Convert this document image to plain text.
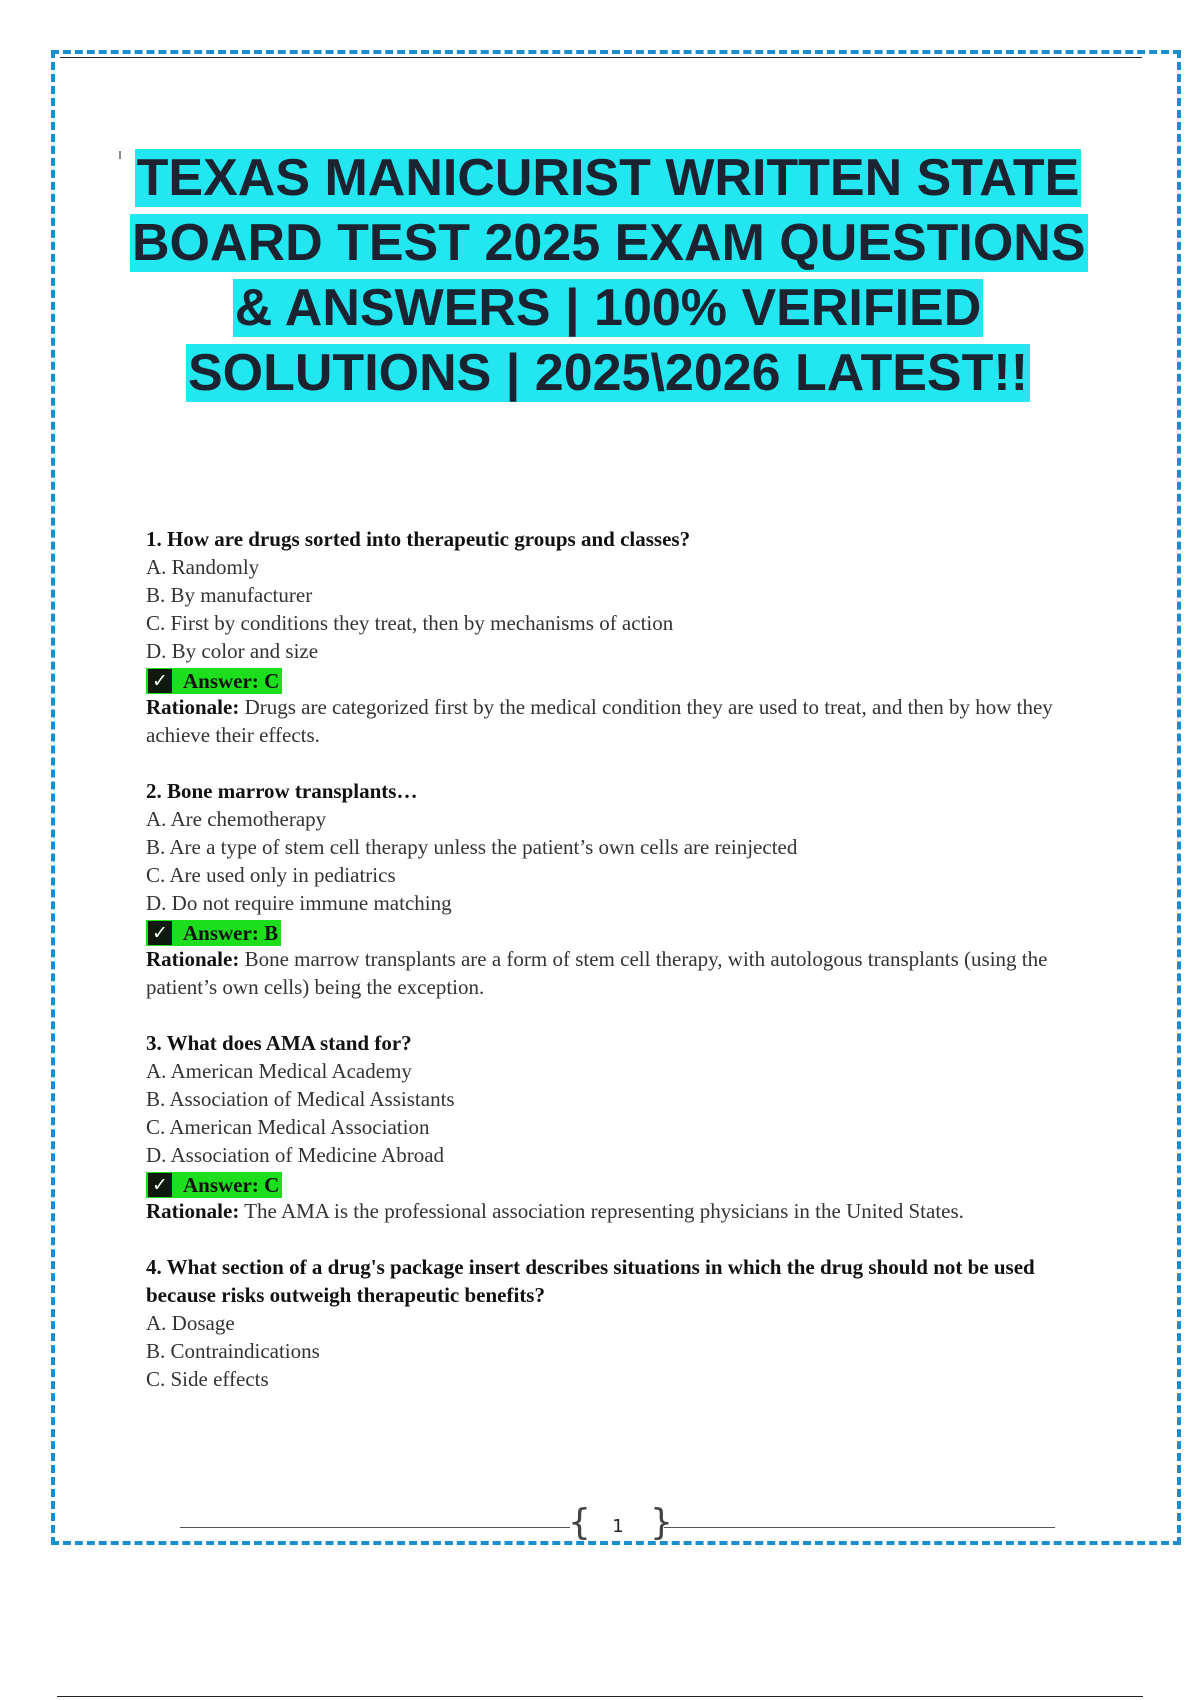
TEXAS MANICURIST WRITTEN STATE BOARD TEST 2025 EXAM QUESTIONS & ANSWERS | 100% VERIFIED SOLUTIONS | 2025\2026 LATEST!!
1. How are drugs sorted into therapeutic groups and classes?
A. Randomly
B. By manufacturer
C. First by conditions they treat, then by mechanisms of action
D. By color and size
✓ Answer: C
Rationale: Drugs are categorized first by the medical condition they are used to treat, and then by how they achieve their effects.
2. Bone marrow transplants…
A. Are chemotherapy
B. Are a type of stem cell therapy unless the patient’s own cells are reinjected
C. Are used only in pediatrics
D. Do not require immune matching
✓ Answer: B
Rationale: Bone marrow transplants are a form of stem cell therapy, with autologous transplants (using the patient’s own cells) being the exception.
3. What does AMA stand for?
A. American Medical Academy
B. Association of Medical Assistants
C. American Medical Association
D. Association of Medicine Abroad
✓ Answer: C
Rationale: The AMA is the professional association representing physicians in the United States.
4. What section of a drug's package insert describes situations in which the drug should not be used because risks outweigh therapeutic benefits?
A. Dosage
B. Contraindications
C. Side effects
{	1 }
